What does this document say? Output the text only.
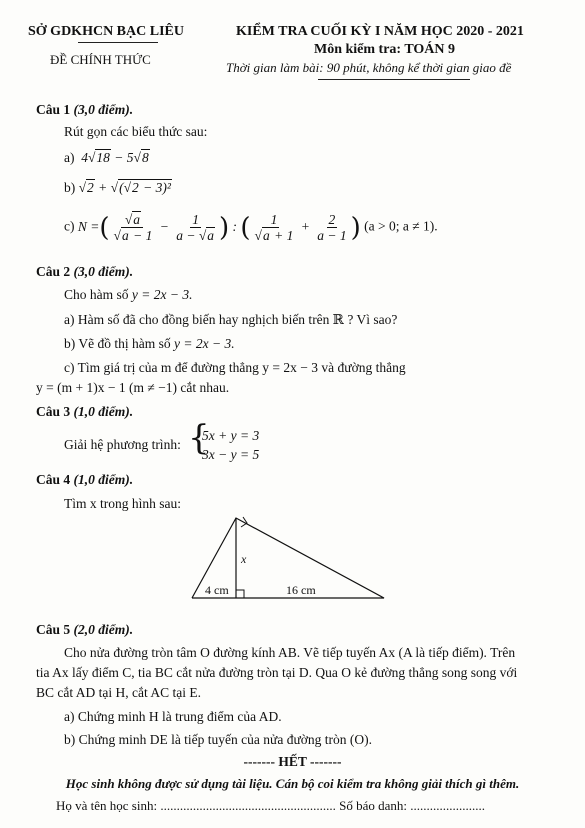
SỞ GDKHCN BẠC LIÊU
ĐỀ CHÍNH THỨC
KIỂM TRA CUỐI KỲ I NĂM HỌC 2020 - 2021
Môn kiểm tra: TOÁN 9
Thời gian làm bài: 90 phút, không kể thời gian giao đề
Câu 1 (3,0 điểm).
Rút gọn các biểu thức sau:
a)  4√18 − 5√8
b) √2 + √(√2 − 3)²
c) N =( $\frac{√a}{√a - 1} - \frac{1}{a - √a}$ ) : ( $\frac{1}{√a + 1} + \frac{2}{a - 1}$ ) (a > 0; a ≠ 1).
Câu 2 (3,0 điểm).
Cho hàm số y = 2x − 3.
a) Hàm số đã cho đồng biến hay nghịch biến trên ℝ ? Vì sao?
b) Vẽ đồ thị hàm số y = 2x − 3.
c) Tìm giá trị của m để đường thẳng y = 2x − 3 và đường thẳng
y = (m + 1)x − 1 (m ≠ −1) cắt nhau.
Câu 3 (1,0 điểm).
Giải hệ phương trình: {
5x + y = 3
3x − y = 5
Câu 4 (1,0 điểm).
Tìm x trong hình sau:
x
4 cm	16 cm
Câu 5 (2,0 điểm).
Cho nửa đường tròn tâm O đường kính AB. Vẽ tiếp tuyến Ax (A là tiếp điểm). Trên
tia Ax lấy điểm C, tia BC cắt nửa đường tròn tại D. Qua O kẻ đường thẳng song song với
BC cắt AD tại H, cắt AC tại E.
a) Chứng minh H là trung điểm của AD.
b) Chứng minh DE là tiếp tuyến của nửa đường tròn (O).
------- HẾT -------
Học sinh không được sử dụng tài liệu. Cán bộ coi kiểm tra không giải thích gì thêm.
Họ và tên học sinh: ...................................................... Số báo danh: .......................
